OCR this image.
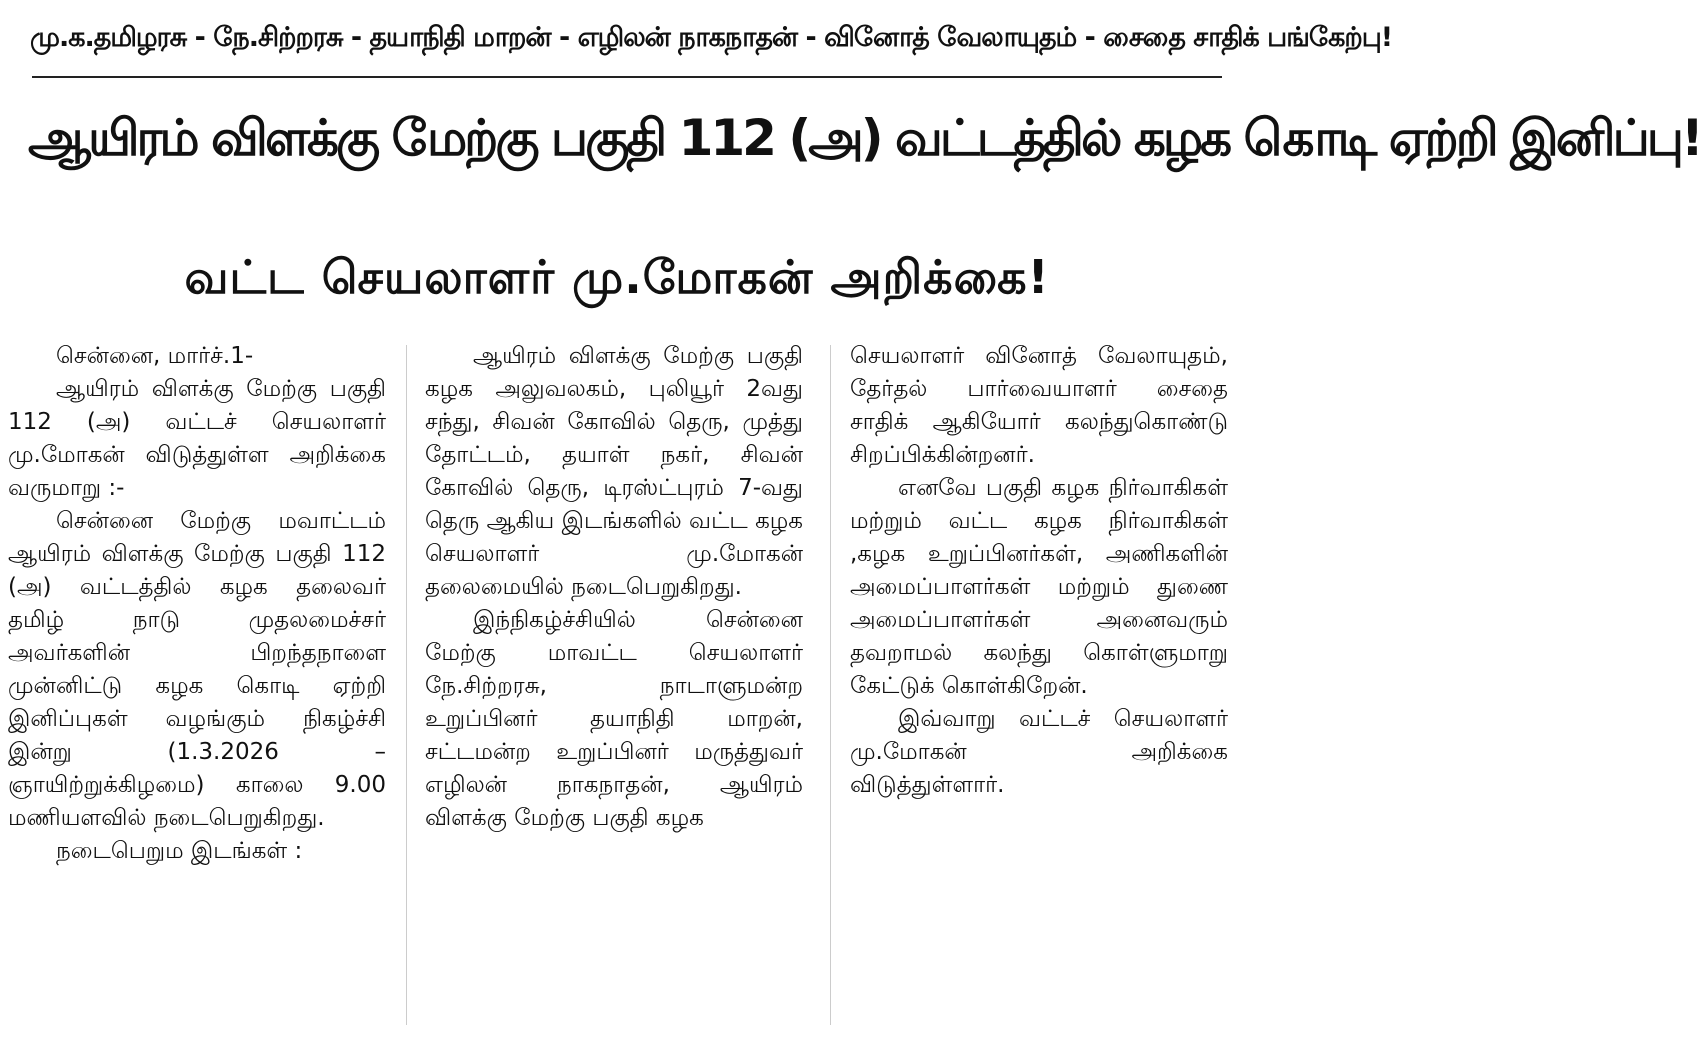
மு.க.தமிழரசு - நே.சிற்றரசு - தயாநிதி மாறன் - எழிலன் நாகநாதன் - வினோத் வேலாயுதம் - சைதை சாதிக் பங்கேற்பு!
ஆயிரம் விளக்கு மேற்கு பகுதி 112 (அ) வட்டத்தில் கழக கொடி ஏற்றி இனிப்பு!
வட்ட செயலாளர் மு.மோகன் அறிக்கை!

சென்னை, மார்ச்.1-

ஆயிரம் விளக்கு மேற்கு பகுதி 112 (அ) வட்டச் செயலாளர் மு.மோகன் விடுத்துள்ள அறிக்கை வருமாறு :-

சென்னை மேற்கு மவாட்டம் ஆயிரம் விளக்கு மேற்கு பகுதி 112 (அ) வட்டத்தில் கழக தலைவர் தமிழ் நாடு முதலமைச்சர் அவர்களின் பிறந்தநாளை முன்னிட்டு கழக கொடி ஏற்றி இனிப்புகள் வழங்கும் நிகழ்ச்சி இன்று (1.3.2026 – ஞாயிற்றுக்கிழமை) காலை 9.00 மணியளவில் நடைபெறுகிறது.

நடைபெறும இடங்கள் :

ஆயிரம் விளக்கு மேற்கு பகுதி கழக அலுவலகம், புலியூர் 2வது சந்து, சிவன் கோவில் தெரு, முத்து தோட்டம், தயாள் நகர், சிவன் கோவில் தெரு, டிரஸ்ட்புரம் 7-வது தெரு ஆகிய இடங்களில் வட்ட கழக செயலாளர் மு.மோகன் தலைமையில் நடைபெறுகிறது.

இந்நிகழ்ச்சியில் சென்னை மேற்கு மாவட்ட செயலாளர் நே.சிற்றரசு, நாடாளுமன்ற உறுப்பினர் தயாநிதி மாறன், சட்டமன்ற உறுப்பினர் மருத்துவர் எழிலன் நாகநாதன், ஆயிரம் விளக்கு மேற்கு பகுதி கழக

செயலாளர் வினோத் வேலாயுதம், தேர்தல் பார்வையாளர் சைதை சாதிக் ஆகியோர் கலந்துகொண்டு சிறப்பிக்கின்றனர்.

எனவே பகுதி கழக நிர்வாகிகள் மற்றும் வட்ட கழக நிர்வாகிகள் ,கழக உறுப்பினர்கள், அணிகளின் அமைப்பாளர்கள் மற்றும் துணை அமைப்பாளர்கள் அனைவரும் தவறாமல் கலந்து கொள்ளுமாறு கேட்டுக் கொள்கிறேன்.

இவ்வாறு வட்டச் செயலாளர் மு.மோகன் அறிக்கை விடுத்துள்ளார்.
